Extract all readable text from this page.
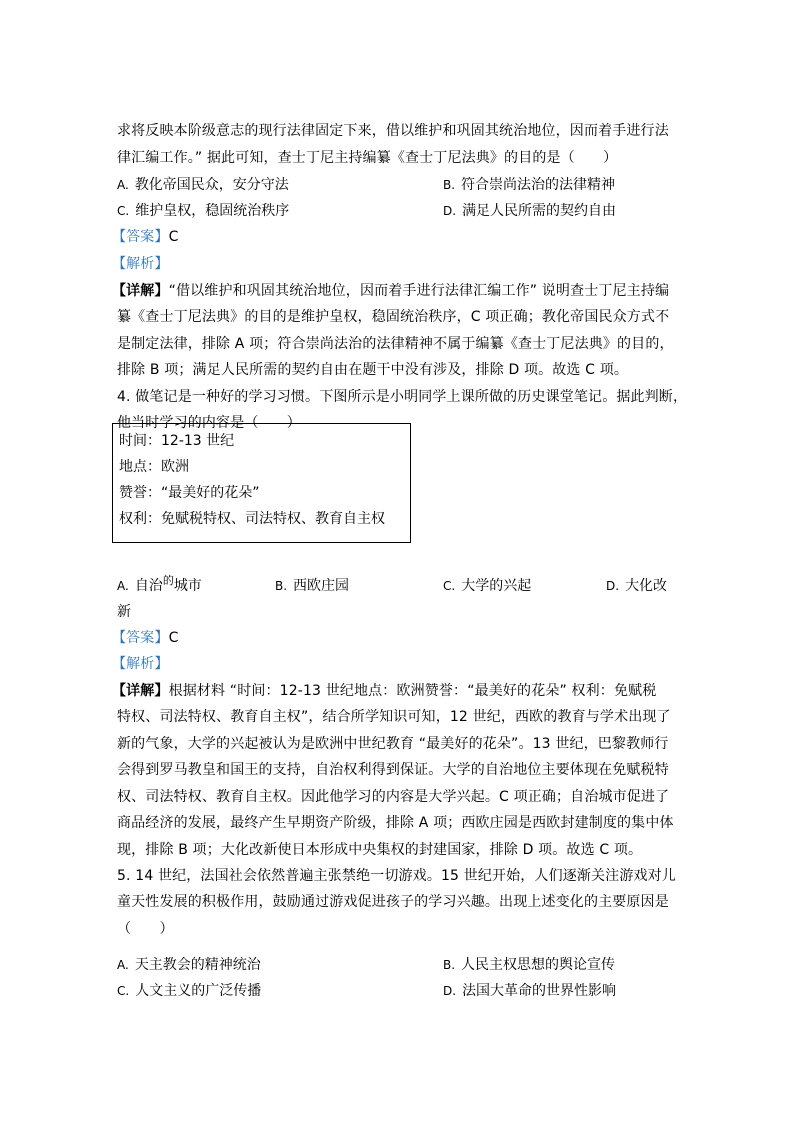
求将反映本阶级意志的现行法律固定下来，借以维护和巩固其统治地位，因而着手进行法
律汇编工作。” 据此可知，查士丁尼主持编纂《查士丁尼法典》的目的是（　　）
A. 教化帝国民众，安分守法	B. 符合崇尚法治的法律精神
C. 维护皇权，稳固统治秩序	D. 满足人民所需的契约自由
【答案】C
【解析】
【详解】“借以维护和巩固其统治地位，因而着手进行法律汇编工作” 说明查士丁尼主持编
纂《查士丁尼法典》的目的是维护皇权，稳固统治秩序，C 项正确；教化帝国民众方式不
是制定法律，排除 A 项；符合崇尚法治的法律精神不属于编纂《查士丁尼法典》的目的，
排除 B 项；满足人民所需的契约自由在题干中没有涉及，排除 D 项。故选 C 项。
4. 做笔记是一种好的学习习惯。下图所示是小明同学上课所做的历史课堂笔记。据此判断，
他当时学习的内容是（　　）
时间：12-13 世纪
地点：欧洲
赞誉：“最美好的花朵”
权利：免赋税特权、司法特权、教育自主权
A. 自治$^的$城市	B. 西欧庄园	C. 大学的兴起	D. 大化改
新
【答案】C
【解析】
【详解】根据材料 “时间：12-13 世纪地点：欧洲赞誉：“最美好的花朵” 权利：免赋税
特权、司法特权、教育自主权”，结合所学知识可知，12 世纪，西欧的教育与学术出现了
新的气象，大学的兴起被认为是欧洲中世纪教育 “最美好的花朵”。13 世纪，巴黎教师行
会得到罗马教皇和国王的支持，自治权利得到保证。大学的自治地位主要体现在免赋税特
权、司法特权、教育自主权。因此他学习的内容是大学兴起。C 项正确；自治城市促进了
商品经济的发展，最终产生早期资产阶级，排除 A 项；西欧庄园是西欧封建制度的集中体
现，排除 B 项；大化改新使日本形成中央集权的封建国家，排除 D 项。故选 C 项。
5. 14 世纪，法国社会依然普遍主张禁绝一切游戏。15 世纪开始，人们逐渐关注游戏对儿
童天性发展的积极作用，鼓励通过游戏促进孩子的学习兴趣。出现上述变化的主要原因是
（　　）
A. 天主教会的精神统治	B. 人民主权思想的舆论宣传
C. 人文主义的广泛传播	D. 法国大革命的世界性影响
